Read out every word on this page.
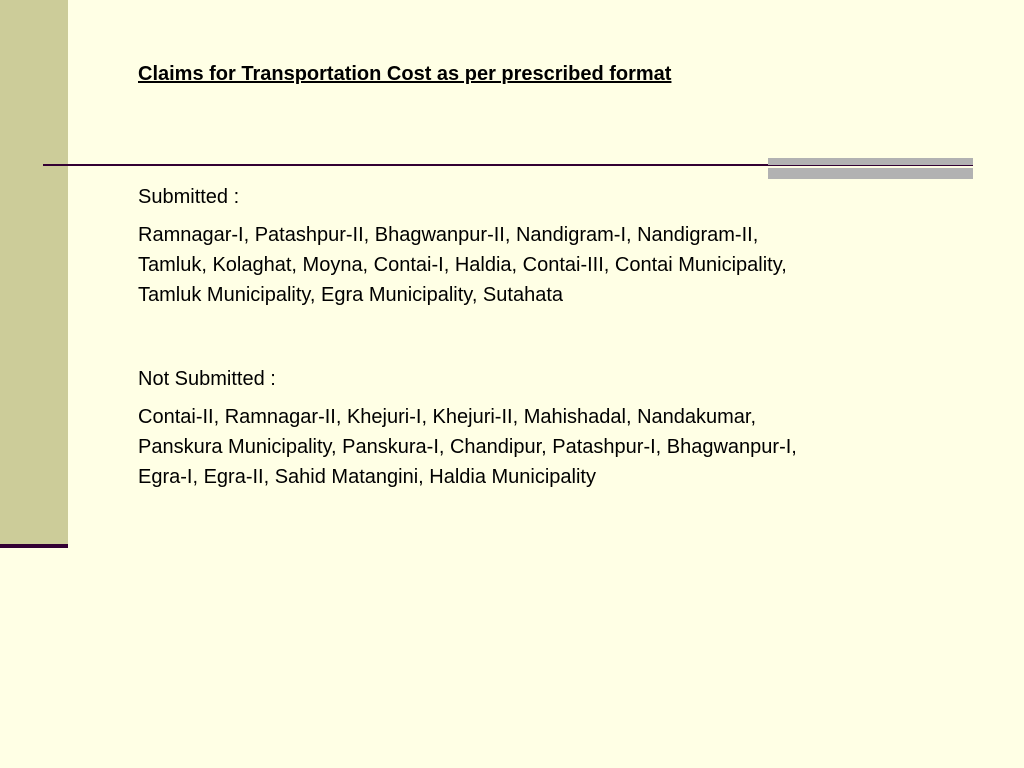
Claims for Transportation Cost as per prescribed format

Submitted :

Ramnagar-I, Patashpur-II, Bhagwanpur-II, Nandigram-I, Nandigram-II, Tamluk, Kolaghat, Moyna, Contai-I, Haldia, Contai-III, Contai Municipality, Tamluk Municipality, Egra Municipality, Sutahata

Not Submitted :

Contai-II, Ramnagar-II, Khejuri-I, Khejuri-II, Mahishadal, Nandakumar, Panskura Municipality, Panskura-I, Chandipur, Patashpur-I, Bhagwanpur-I, Egra-I, Egra-II, Sahid Matangini, Haldia Municipality
